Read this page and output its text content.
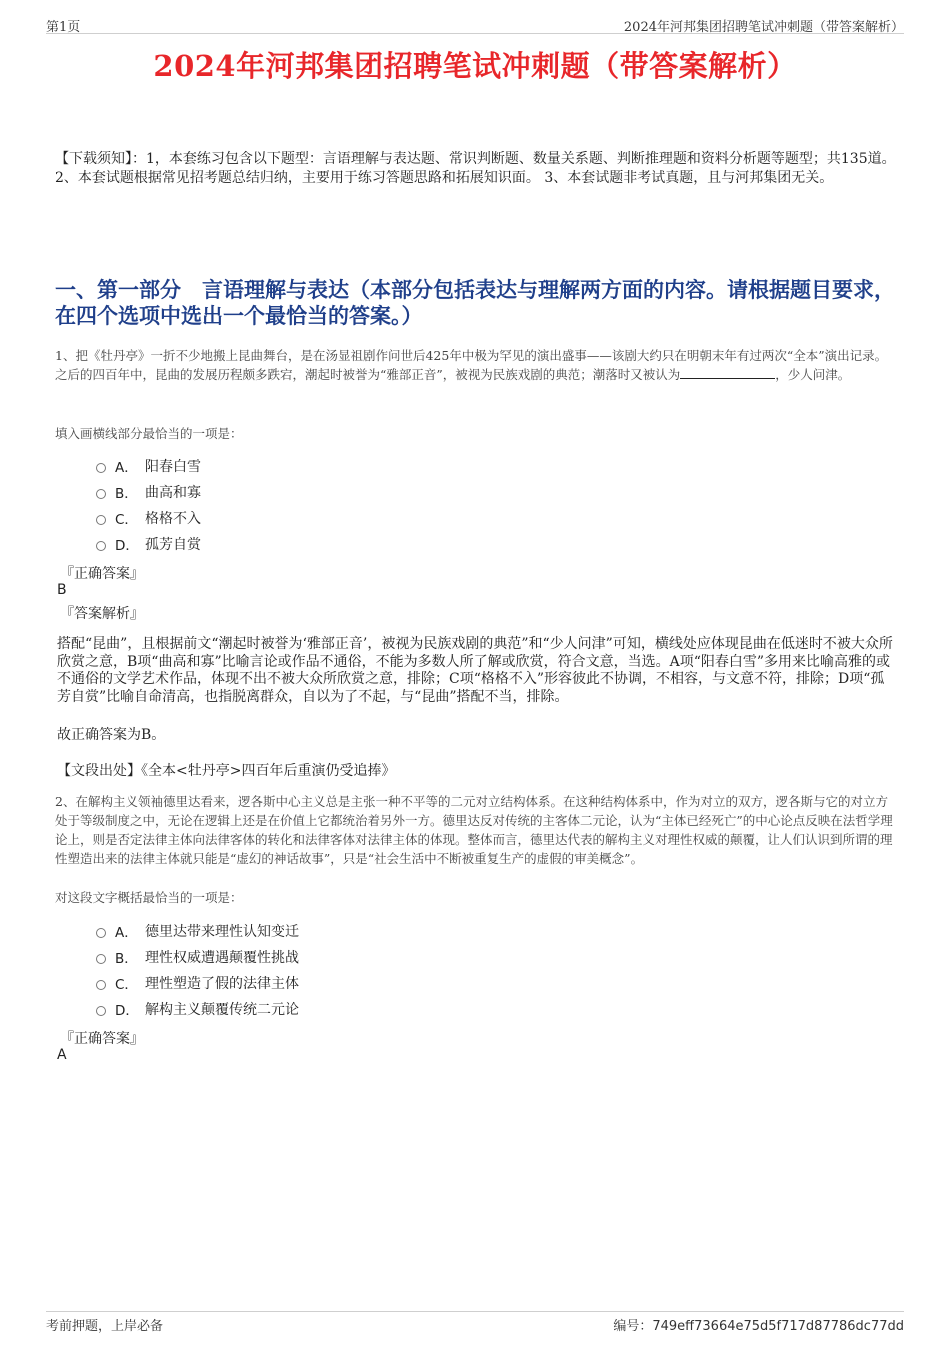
第1页	2024年河邦集团招聘笔试冲刺题（带答案解析）
2024年河邦集团招聘笔试冲刺题（带答案解析）

【下载须知】：1，本套练习包含以下题型：言语理解与表达题、常识判断题、数量关系题、判断推理题和资料分析题等题型；共135道。 2、本套试题根据常见招考题总结归纳，主要用于练习答题思路和拓展知识面。 3、本套试题非考试真题，且与河邦集团无关。

一、第一部分　言语理解与表达（本部分包括表达与理解两方面的内容。请根据题目要求，在四个选项中选出一个最恰当的答案。）

1、把《牡丹亭》一折不少地搬上昆曲舞台，是在汤显祖剧作问世后425年中极为罕见的演出盛事——该剧大约只在明朝末年有过两次“全本”演出记录。之后的四百年中，昆曲的发展历程颇多跌宕，潮起时被誉为“雅部正音”，被视为民族戏剧的典范；潮落时又被认为	，少人问津。

填入画横线部分最恰当的一项是：
A． 阳春白雪
B． 曲高和寡
C． 格格不入
D． 孤芳自赏
『正确答案』
B
『答案解析』

搭配“昆曲”，且根据前文“潮起时被誉为‘雅部正音’，被视为民族戏剧的典范”和“少人问津”可知，横线处应体现昆曲在低迷时不被大众所欣赏之意，B项“曲高和寡”比喻言论或作品不通俗，不能为多数人所了解或欣赏，符合文意，当选。A项“阳春白雪”多用来比喻高雅的或不通俗的文学艺术作品，体现不出不被大众所欣赏之意，排除；C项“格格不入”形容彼此不协调，不相容，与文意不符，排除；D项“孤芳自赏”比喻自命清高，也指脱离群众，自以为了不起，与“昆曲”搭配不当，排除。

故正确答案为B。
【文段出处】《全本<牡丹亭>四百年后重演仍受追捧》

2、在解构主义领袖德里达看来，逻各斯中心主义总是主张一种不平等的二元对立结构体系。在这种结构体系中，作为对立的双方，逻各斯与它的对立方处于等级制度之中，无论在逻辑上还是在价值上它都统治着另外一方。德里达反对传统的主客体二元论，认为“主体已经死亡”的中心论点反映在法哲学理论上，则是否定法律主体向法律客体的转化和法律客体对法律主体的体现。整体而言，德里达代表的解构主义对理性权威的颠覆，让人们认识到所谓的理性塑造出来的法律主体就只能是“虚幻的神话故事”，只是“社会生活中不断被重复生产的虚假的审美概念”。

对这段文字概括最恰当的一项是：
A． 德里达带来理性认知变迁
B． 理性权威遭遇颠覆性挑战
C． 理性塑造了假的法律主体
D． 解构主义颠覆传统二元论
『正确答案』
A
考前押题，上岸必备	编号：749eff73664e75d5f717d87786dc77dd
